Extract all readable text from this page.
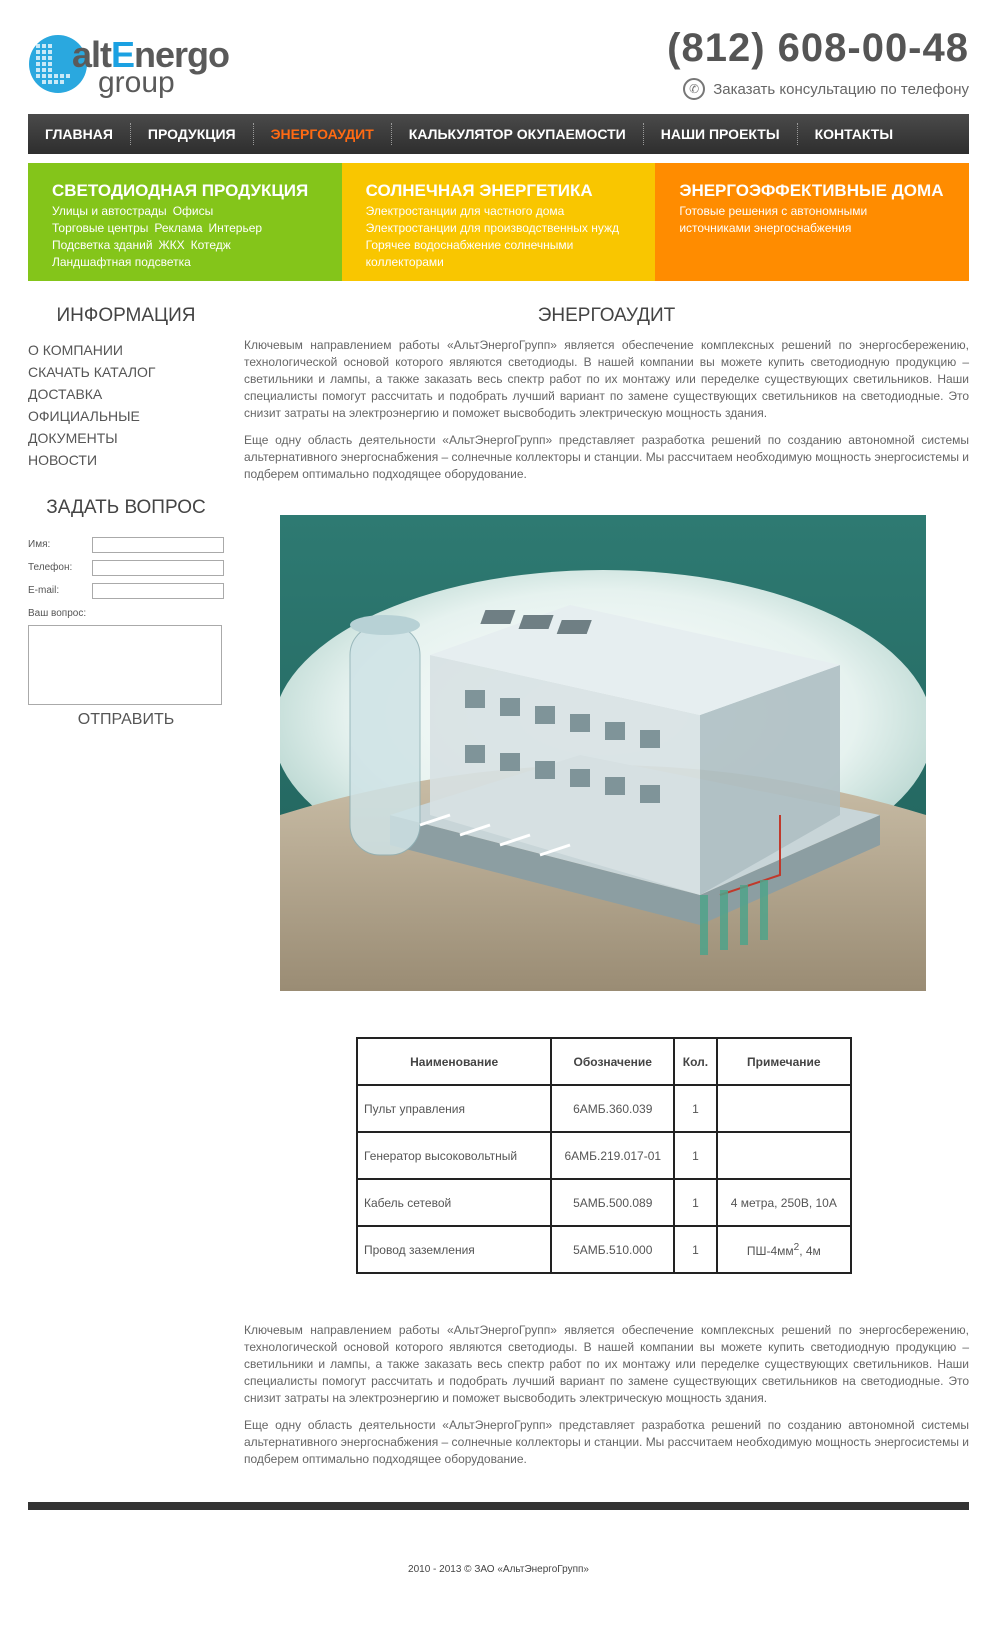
altEnergo
group
(812) 608-00-48
✆ Заказать консультацию по телефону
ГЛАВНАЯ	ПРОДУКЦИЯ	ЭНЕРГОАУДИТ	КАЛЬКУЛЯТОР ОКУПАЕМОСТИ	НАШИ ПРОЕКТЫ	КОНТАКТЫ
СВЕТОДИОДНАЯ ПРОДУКЦИЯ
Улицы и автострады Офисы
Торговые центры Реклама Интерьер
Подсветка зданий ЖКХ Котедж
Ландшафтная подсветка
СОЛНЕЧНАЯ ЭНЕРГЕТИКА
Электростанции для частного дома
Электростанции для производственных нужд
Горячее водоснабжение солнечными
коллекторами
ЭНЕРГОЭФФЕКТИВНЫЕ ДОМА
Готовые решения с автономными
источниками энергоснабжения
ИНФОРМАЦИЯ
О КОМПАНИИ
СКАЧАТЬ КАТАЛОГ
ДОСТАВКА
ОФИЦИАЛЬНЫЕ ДОКУМЕНТЫ
НОВОСТИ
ЗАДАТЬ ВОПРОС
Имя:
Телефон:
E-mail:
Ваш вопрос:
ОТПРАВИТЬ
ЭНЕРГОАУДИТ

Ключевым направлением работы «АльтЭнергоГрупп» является обеспечение комплексных решений по энергосбережению, технологической основой которого являются светодиоды. В нашей компании вы можете купить светодиодную продукцию – светильники и лампы, а также заказать весь спектр работ по их монтажу или переделке существующих светильников. Наши специалисты помогут рассчитать и подобрать лучший вариант по замене существующих светильников на светодиодные. Это снизит затраты на электроэнергию и поможет высвободить электрическую мощность здания.

Еще одну область деятельности «АльтЭнергоГрупп» представляет разработка решений по созданию автономной системы альтернативного энергоснабжения – солнечные коллекторы и станции. Мы рассчитаем необходимую мощность энергосистемы и подберем оптимально подходящее оборудование.

Наименование	Обозначение	Кол.	Примечание
Пульт управления	6АМБ.360.039	1	
Генератор высоковольтный	6АМБ.219.017-01	1	
Кабель сетевой	5АМБ.500.089	1	4 метра, 250В, 10А
Провод заземления	5АМБ.510.000	1	$ПШ-4мм^2$, 4м

Ключевым направлением работы «АльтЭнергоГрупп» является обеспечение комплексных решений по энергосбережению, технологической основой которого являются светодиоды. В нашей компании вы можете купить светодиодную продукцию – светильники и лампы, а также заказать весь спектр работ по их монтажу или переделке существующих светильников. Наши специалисты помогут рассчитать и подобрать лучший вариант по замене существующих светильников на светодиодные. Это снизит затраты на электроэнергию и поможет высвободить электрическую мощность здания.

Еще одну область деятельности «АльтЭнергоГрупп» представляет разработка решений по созданию автономной системы альтернативного энергоснабжения – солнечные коллекторы и станции. Мы рассчитаем необходимую мощность энергосистемы и подберем оптимально подходящее оборудование.

2010 - 2013 © ЗАО «АльтЭнергоГрупп»
